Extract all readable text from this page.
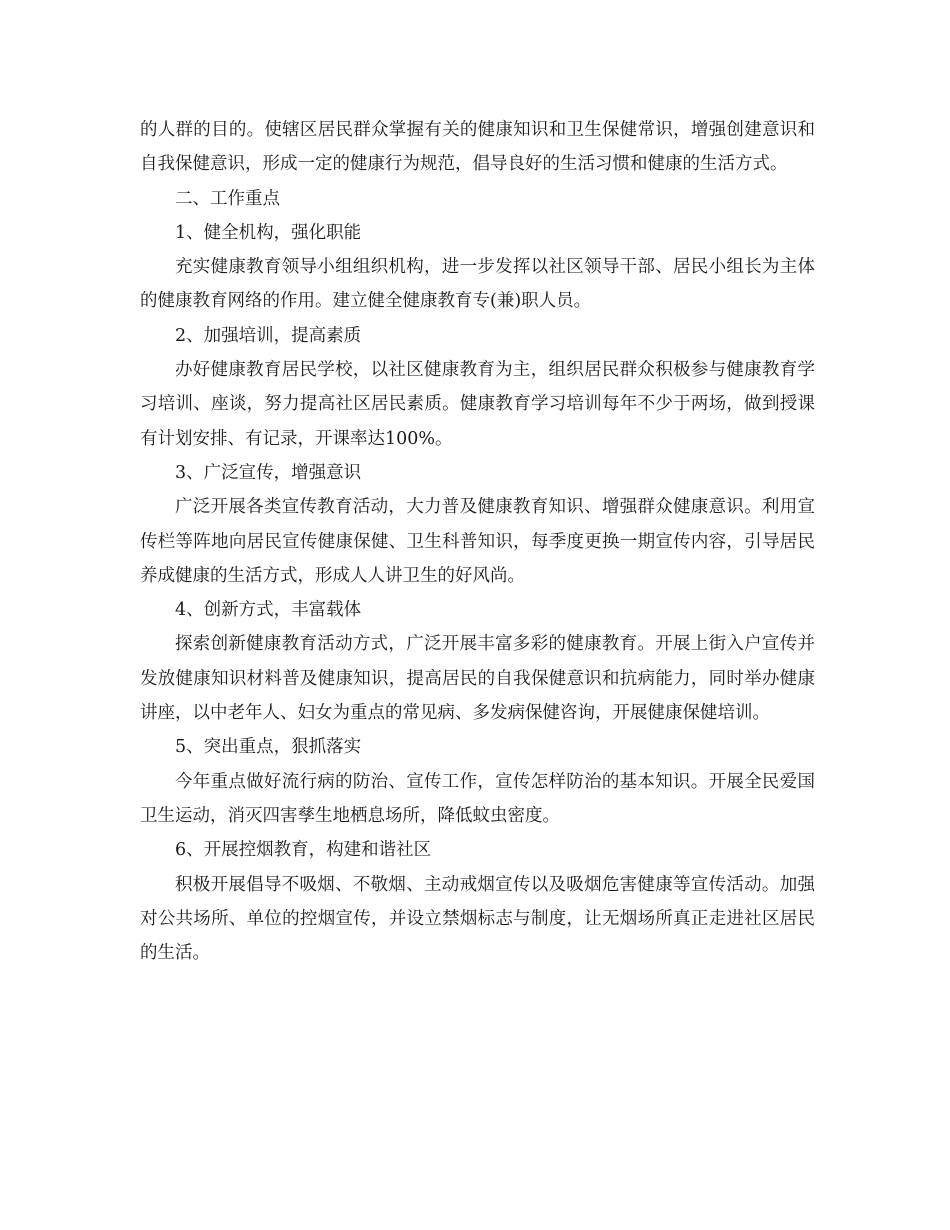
的人群的目的。使辖区居民群众掌握有关的健康知识和卫生保健常识，增强创建意识和自我保健意识，形成一定的健康行为规范，倡导良好的生活习惯和健康的生活方式。

二、工作重点

1、健全机构，强化职能

充实健康教育领导小组组织机构，进一步发挥以社区领导干部、居民小组长为主体的健康教育网络的作用。建立健全健康教育专(兼)职人员。

2、加强培训，提高素质

办好健康教育居民学校，以社区健康教育为主，组织居民群众积极参与健康教育学习培训、座谈，努力提高社区居民素质。健康教育学习培训每年不少于两场，做到授课有计划安排、有记录，开课率达100%。

3、广泛宣传，增强意识

广泛开展各类宣传教育活动，大力普及健康教育知识、增强群众健康意识。利用宣传栏等阵地向居民宣传健康保健、卫生科普知识，每季度更换一期宣传内容，引导居民养成健康的生活方式，形成人人讲卫生的好风尚。

4、创新方式，丰富载体

探索创新健康教育活动方式，广泛开展丰富多彩的健康教育。开展上街入户宣传并发放健康知识材料普及健康知识，提高居民的自我保健意识和抗病能力，同时举办健康讲座，以中老年人、妇女为重点的常见病、多发病保健咨询，开展健康保健培训。

5、突出重点，狠抓落实

今年重点做好流行病的防治、宣传工作，宣传怎样防治的基本知识。开展全民爱国卫生运动，消灭四害孳生地栖息场所，降低蚊虫密度。

6、开展控烟教育，构建和谐社区

积极开展倡导不吸烟、不敬烟、主动戒烟宣传以及吸烟危害健康等宣传活动。加强对公共场所、单位的控烟宣传，并设立禁烟标志与制度，让无烟场所真正走进社区居民的生活。
